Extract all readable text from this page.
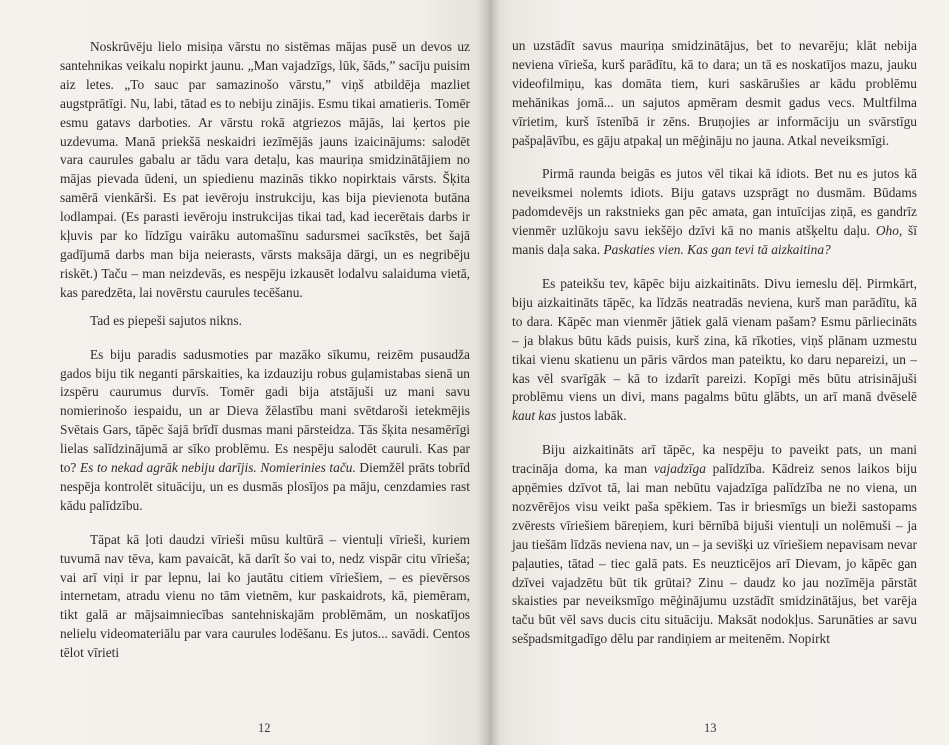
Noskrūvēju lielo misiņa vārstu no sistēmas mājas pusē un devos uz santehnikas veikalu nopirkt jaunu. „Man vajadzīgs, lūk, šāds,” sacīju puisim aiz letes. „To sauc par samazinošo vārstu,” viņš atbildēja mazliet augstprātīgi. Nu, labi, tātad es to nebiju zinājis. Esmu tikai amatieris. Tomēr esmu gatavs darboties. Ar vārstu rokā atgriezos mājās, lai ķertos pie uzdevuma. Manā priekšā neskaidri iezīmējās jauns izaicinājums: salodēt vara caurules gabalu ar tādu vara detaļu, kas mauriņa smidzinātājiem no mājas pievada ūdeni, un spiedienu mazinās tikko nopirktais vārsts. Šķita samērā vienkārši. Es pat ievēroju instrukciju, kas bija pievienota butāna lodlampai. (Es parasti ievēroju instrukcijas tikai tad, kad iecerētais darbs ir kļuvis par ko līdzīgu vairāku automašīnu sadursmei sacīkstēs, bet šajā gadījumā darbs man bija neierasts, vārsts maksāja dārgi, un es negribēju riskēt.) Taču – man neizdevās, es nespēju izkausēt lodalvu salaiduma vietā, kas paredzēta, lai novērstu caurules tecēšanu.

Tad es piepeši sajutos nikns.

Es biju paradis sadusmoties par mazāko sīkumu, reizēm pusaudža gados biju tik neganti pārskaities, ka izdauziju robus guļamistabas sienā un izspēru caurumus durvīs. Tomēr gadi bija atstājuši uz mani savu nomierinošo iespaidu, un ar Dieva žēlastību mani svētdaroši ietekmējis Svētais Gars, tāpēc šajā brīdī dusmas mani pārsteidza. Tās šķita nesamērīgi lielas salīdzinājumā ar sīko problēmu. Es nespēju salodēt cauruli. Kas par to? Es to nekad agrāk nebiju darījis. Nomierinies taču. Diemžēl prāts tobrīd nespēja kontrolēt situāciju, un es dusmās plosījos pa māju, cenzdamies rast kādu palīdzību.

Tāpat kā ļoti daudzi vīrieši mūsu kultūrā – vientuļi vīrieši, kuriem tuvumā nav tēva, kam pavaicāt, kā darīt šo vai to, nedz vispār citu vīrieša; vai arī viņi ir par lepnu, lai ko jautātu citiem vīriešiem, – es pievērsos internetam, atradu vienu no tām vietnēm, kur paskaidrots, kā, piemēram, tikt galā ar mājsaimniecības santehniskajām problēmām, un noskatījos nelielu videomateriālu par vara caurules lodēšanu. Es jutos... savādi. Centos tēlot vīrieti

12

un uzstādīt savus mauriņa smidzinātājus, bet to nevarēju; klāt nebija neviena vīrieša, kurš parādītu, kā to dara; un tā es noskatījos mazu, jauku videofilmiņu, kas domāta tiem, kuri saskārušies ar kādu problēmu mehānikas jomā... un sajutos apmēram desmit gadus vecs. Multfilma vīrietim, kurš īstenībā ir zēns. Bruņojies ar informāciju un svārstīgu pašpaļāvību, es gāju atpakaļ un mēģināju no jauna. Atkal neveiksmīgi.

Pirmā raunda beigās es jutos vēl tikai kā idiots. Bet nu es jutos kā neveiksmei nolemts idiots. Biju gatavs uzsprāgt no dusmām. Būdams padomdevējs un rakstnieks gan pēc amata, gan intuīcijas ziņā, es gandrīz vienmēr uzlūkoju savu iekšējo dzīvi kā no manis atšķeltu daļu. Oho, šī manis daļa saka. Paskaties vien. Kas gan tevi tā aizkaitina?

Es pateikšu tev, kāpēc biju aizkaitināts. Divu iemeslu dēļ. Pirmkārt, biju aizkaitināts tāpēc, ka līdzās neatradās neviena, kurš man parādītu, kā to dara. Kāpēc man vienmēr jātiek galā vienam pašam? Esmu pārliecināts – ja blakus būtu kāds puisis, kurš zina, kā rīkoties, viņš plānam uzmestu tikai vienu skatienu un pāris vārdos man pateiktu, ko daru nepareizi, un – kas vēl svarīgāk – kā to izdarīt pareizi. Kopīgi mēs būtu atrisinājuši problēmu viens un divi, mans pagalms būtu glābts, un arī manā dvēselē kaut kas justos labāk.

Biju aizkaitināts arī tāpēc, ka nespēju to paveikt pats, un mani tracināja doma, ka man vajadzīga palīdzība. Kādreiz senos laikos biju apņēmies dzīvot tā, lai man nebūtu vajadzīga palīdzība ne no viena, un nozvērējos visu veikt paša spēkiem. Tas ir briesmīgs un bieži sastopams zvērests vīriešiem bāreņiem, kuri bērnībā bijuši vientuļi un nolēmuši – ja jau tiešām līdzās neviena nav, un – ja sevišķi uz vīriešiem nepavisam nevar paļauties, tātad – tiec galā pats. Es neuzticējos arī Dievam, jo kāpēc gan dzīvei vajadzētu būt tik grūtai? Zinu – daudz ko jau nozīmēja pārstāt skaisties par neveiksmīgo mēģinājumu uzstādīt smidzinātājus, bet varēja taču būt vēl savs ducis citu situāciju. Maksāt nodokļus. Sarunāties ar savu sešpadsmitgadīgo dēlu par randiņiem ar meitenēm. Nopirkt

13
